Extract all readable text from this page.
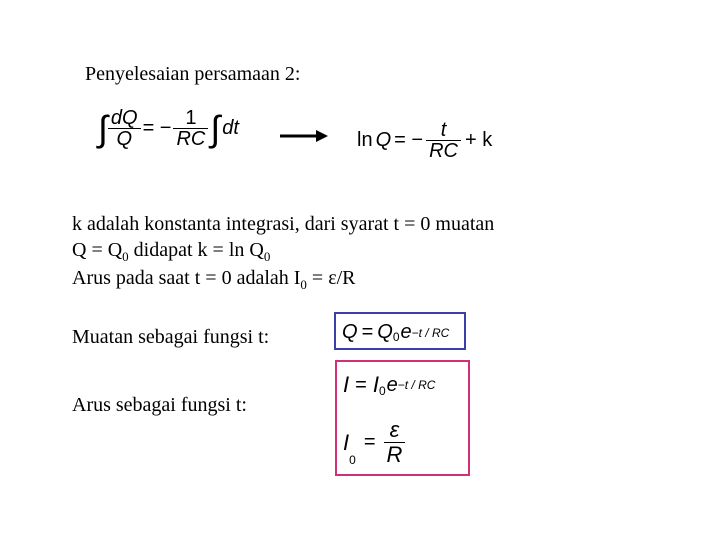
Penyelesaian persamaan 2:
∫ $\frac{dQ}{Q}$ = − $\frac{1}{RC}$ ∫ dt
ln Q = − $\frac{t}{RC} + k$
k adalah konstanta integrasi, dari syarat t = 0 muatan
$Q = Q_0$ didapat $k = \ln Q_0$
Arus pada saat t = 0 adalah $I_0 = \varepsilon/R$
Muatan sebagai fungsi t:	Q = Q 0 e −t / RC
Arus sebagai fungsi t:
I = I 0 e −t / RC
I
0
= $\frac{\varepsilon}{R}$
